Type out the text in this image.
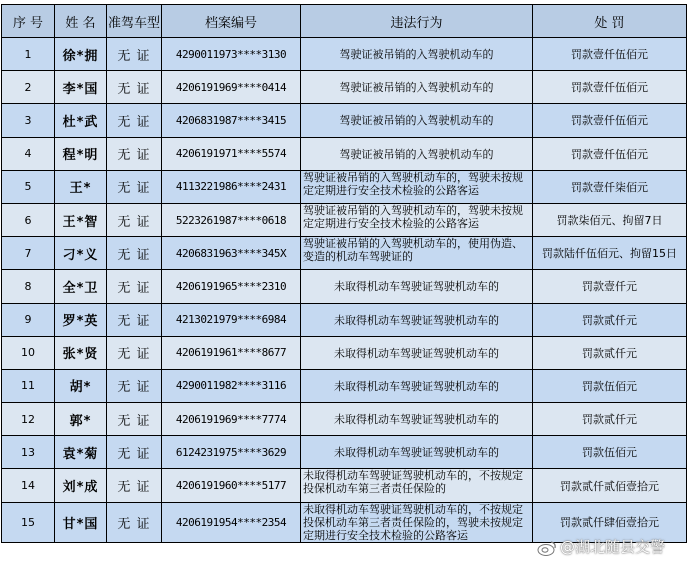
序 号	姓 名	准驾车型	档案编号	违法行为	处 罚
1	徐*拥	无 证	4290011973****3130	驾驶证被吊销的入驾驶机动车的	罚款壹仟伍佰元
2	李*国	无 证	4206191969****0414	驾驶证被吊销的入驾驶机动车的	罚款壹仟伍佰元
3	杜*武	无 证	4206831987****3415	驾驶证被吊销的入驾驶机动车的	罚款壹仟伍佰元
4	程*明	无 证	4206191971****5574	驾驶证被吊销的入驾驶机动车的	罚款壹仟伍佰元
5	王*	无 证	4113221986****2431	驾驶证被吊销的入驾驶机动车的，驾驶未按规定定期进行安全技术检验的公路客运	罚款壹仟柒佰元
6	王*智	无 证	5223261987****0618	驾驶证被吊销的入驾驶机动车的，驾驶未按规定定期进行安全技术检验的公路客运	罚款柒佰元、拘留7日
7	刁*义	无 证	4206831963****345X	驾驶证被吊销的入驾驶机动车的，使用伪造、变造的机动车驾驶证的	罚款陆仟伍佰元、拘留15日
8	全*卫	无 证	4206191965****2310	未取得机动车驾驶证驾驶机动车的	罚款壹仟元
9	罗*英	无 证	4213021979****6984	未取得机动车驾驶证驾驶机动车的	罚款贰仟元
10	张*贤	无 证	4206191961****8677	未取得机动车驾驶证驾驶机动车的	罚款贰仟元
11	胡*	无 证	4290011982****3116	未取得机动车驾驶证驾驶机动车的	罚款伍佰元
12	郭*	无 证	4206191969****7774	未取得机动车驾驶证驾驶机动车的	罚款贰仟元
13	袁*菊	无 证	6124231975****3629	未取得机动车驾驶证驾驶机动车的	罚款伍佰元
14	刘*成	无 证	4206191960****5177	未取得机动车驾驶证驾驶机动车的，不按规定投保机动车第三者责任保险的	罚款贰仟贰佰壹拾元
15	甘*国	无 证	4206191954****2354	未取得机动车驾驶证驾驶机动车的，不按规定投保机动车第三者责任保险的，驾驶未按规定定期进行安全技术检验的公路客运	罚款贰仟肆佰壹拾元
@湖北随县交警
